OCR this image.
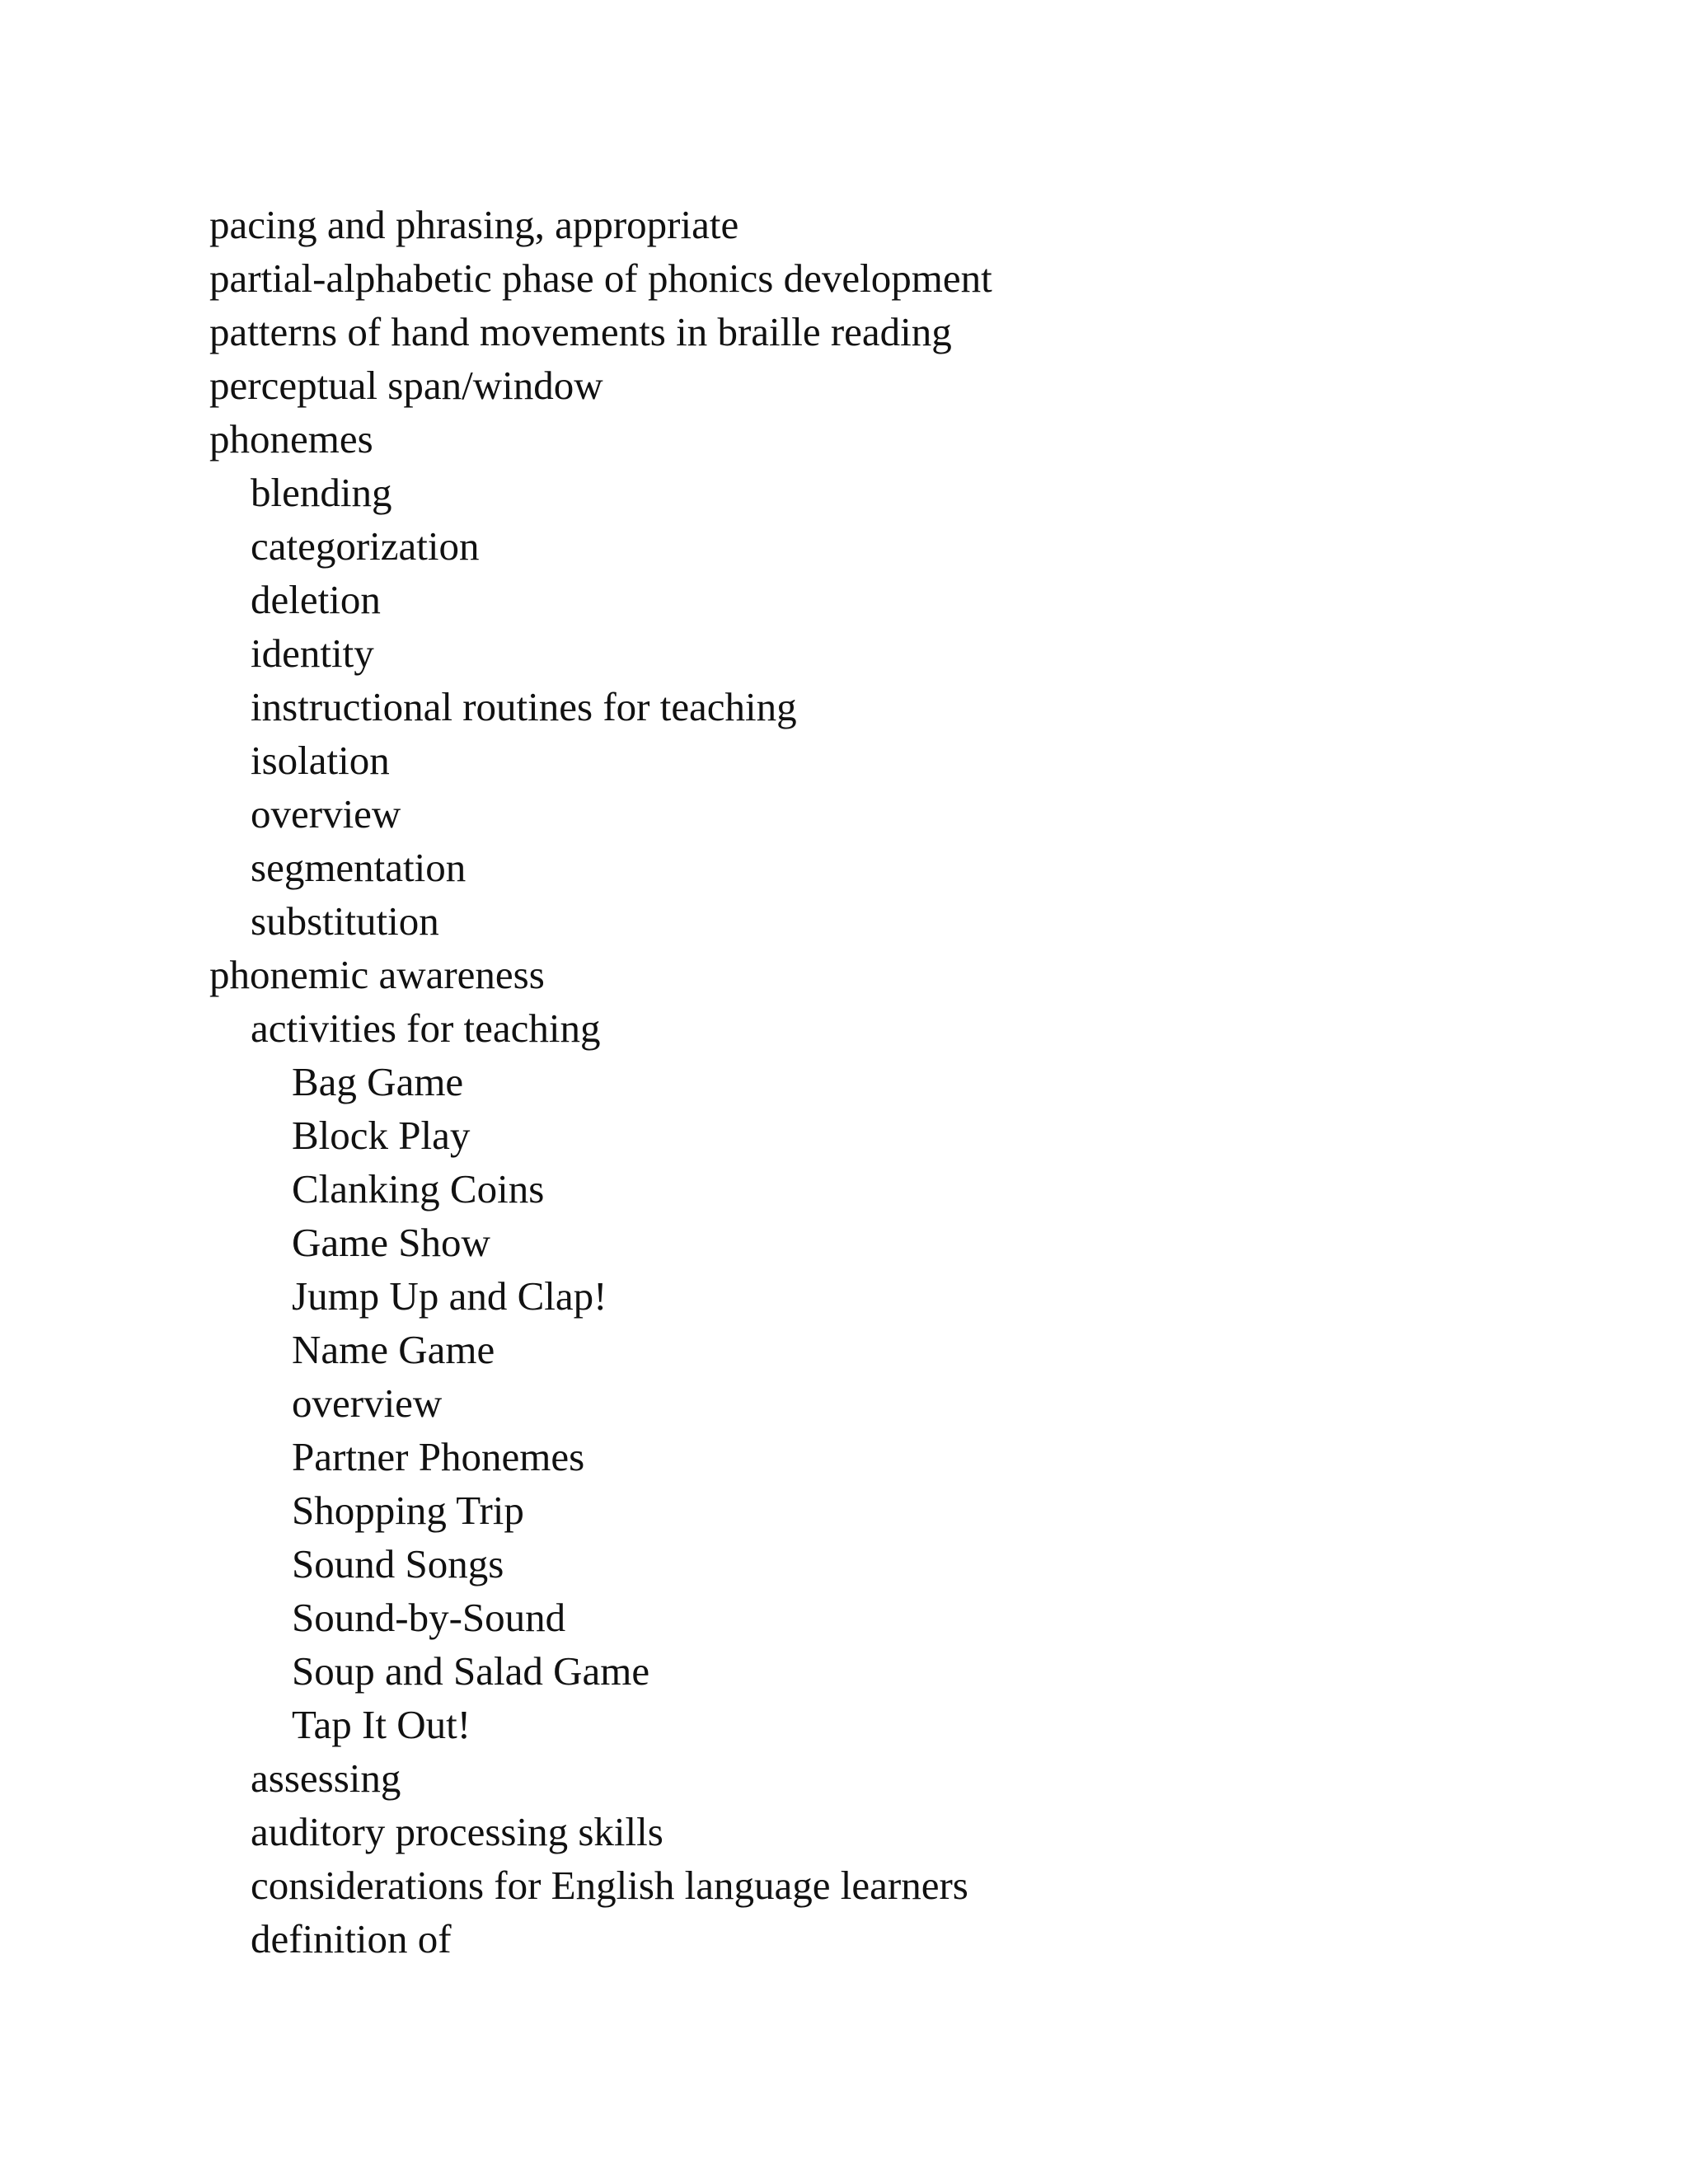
pacing and phrasing, appropriate
partial-alphabetic phase of phonics development
patterns of hand movements in braille reading
perceptual span/window
phonemes
blending
categorization
deletion
identity
instructional routines for teaching
isolation
overview
segmentation
substitution
phonemic awareness
activities for teaching
Bag Game
Block Play
Clanking Coins
Game Show
Jump Up and Clap!
Name Game
overview
Partner Phonemes
Shopping Trip
Sound Songs
Sound-by-Sound
Soup and Salad Game
Tap It Out!
assessing
auditory processing skills
considerations for English language learners
definition of
